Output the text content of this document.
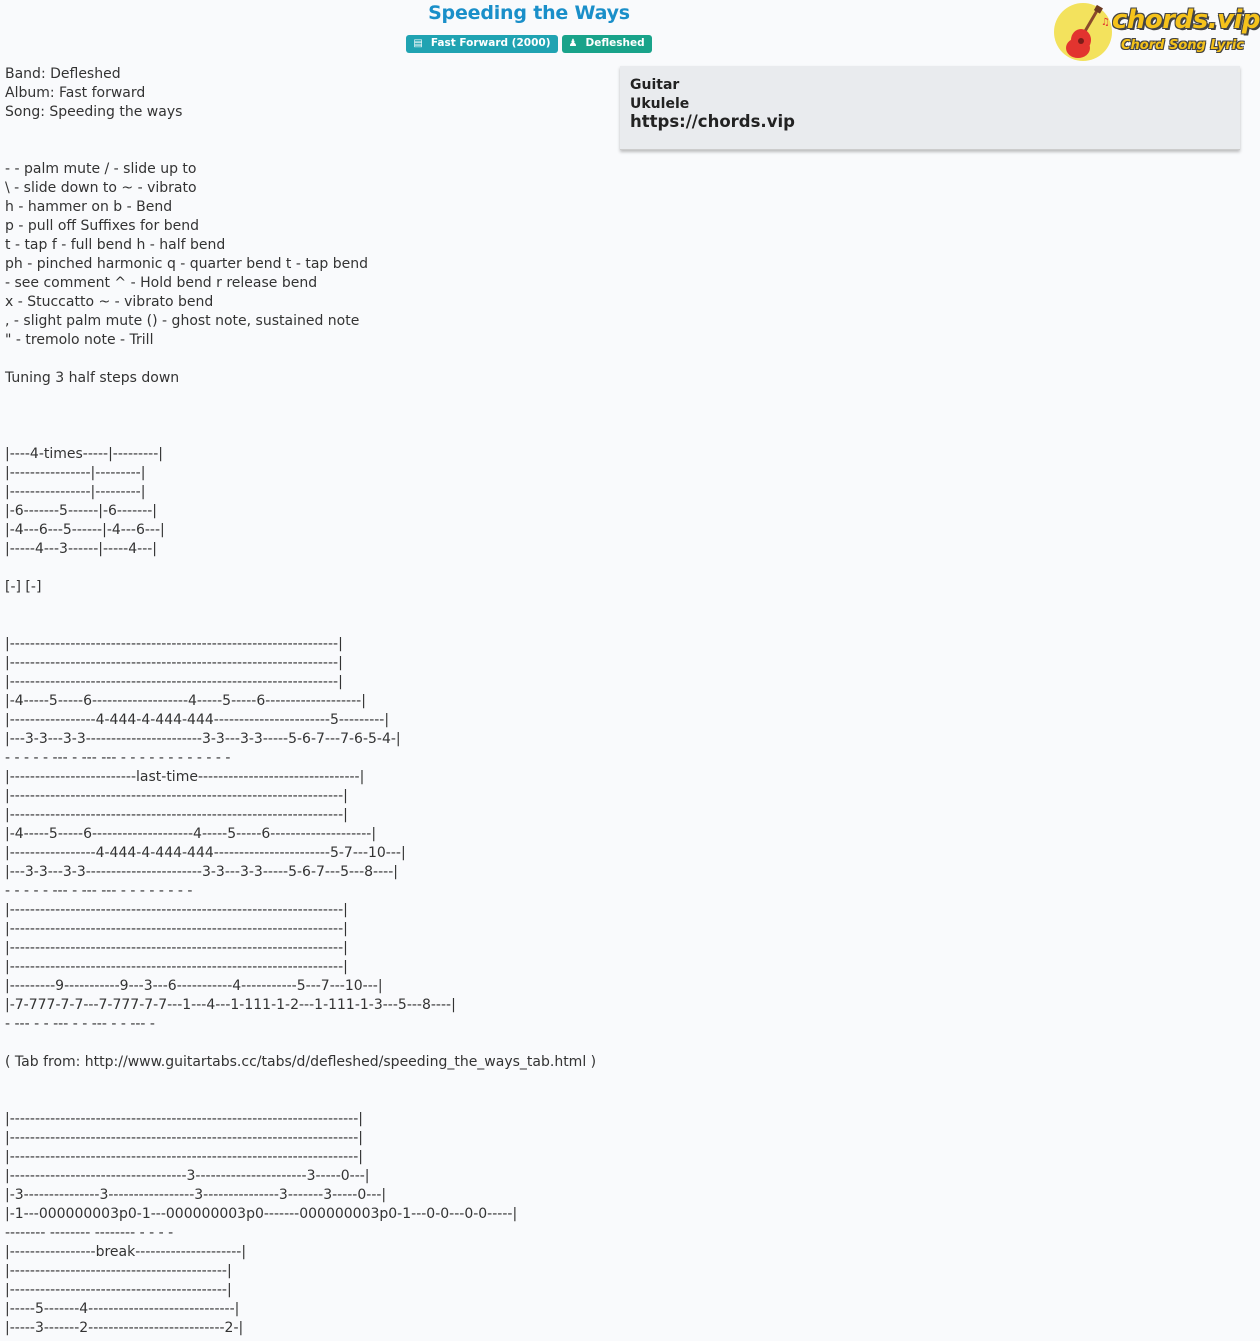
Speeding the Ways
▤ Fast Forward (2000) ♟ Defleshed
♫ chords.vip
Chord Song Lyric
Guitar
Ukulele
https://chords.vip
Band: Defleshed
Album: Fast forward
Song: Speeding the ways
- - palm mute / - slide up to
\ - slide down to ~ - vibrato
h - hammer on b - Bend
p - pull off Suffixes for bend
t - tap f - full bend h - half bend
ph - pinched harmonic q - quarter bend t - tap bend
- see comment ^ - Hold bend r release bend
x - Stuccatto ~ - vibrato bend
, - slight palm mute () - ghost note, sustained note
" - tremolo note - Trill
Tuning 3 half steps down
|----4-times-----|---------|
|----------------|---------|
|----------------|---------|
|-6-------5------|-6-------|
|-4---6---5------|-4---6---|
|-----4---3------|-----4---|
[-] [-]
|-----------------------------------------------------------------|
|-----------------------------------------------------------------|
|-----------------------------------------------------------------|
|-4-----5-----6-------------------4-----5-----6-------------------|
|-----------------4-444-4-444-444-----------------------5---------|
|---3-3---3-3-----------------------3-3---3-3-----5-6-7---7-6-5-4-|
- - - - - --- - --- --- - - - - - - - - - - - -
|-------------------------last-time--------------------------------|
|------------------------------------------------------------------|
|------------------------------------------------------------------|
|-4-----5-----6--------------------4-----5-----6--------------------|
|-----------------4-444-4-444-444-----------------------5-7---10---|
|---3-3---3-3-----------------------3-3---3-3-----5-6-7---5---8----|
- - - - - --- - --- --- - - - - - - - -
|------------------------------------------------------------------|
|------------------------------------------------------------------|
|------------------------------------------------------------------|
|------------------------------------------------------------------|
|---------9-----------9---3---6-----------4-----------5---7---10---|
|-7-777-7-7---7-777-7-7---1---4---1-111-1-2---1-111-1-3---5---8----|
- --- - - --- - - --- - - --- -
( Tab from: http://www.guitartabs.cc/tabs/d/defleshed/speeding_the_ways_tab.html )
|---------------------------------------------------------------------|
|---------------------------------------------------------------------|
|---------------------------------------------------------------------|
|-----------------------------------3----------------------3-----0---|
|-3---------------3-----------------3---------------3-------3-----0---|
|-1---000000003p0-1---000000003p0-------000000003p0-1---0-0---0-0-----|
-------- -------- -------- - - - -
|-----------------break---------------------|
|-------------------------------------------|
|-------------------------------------------|
|-----5-------4-----------------------------|
|-----3-------2---------------------------2-|
